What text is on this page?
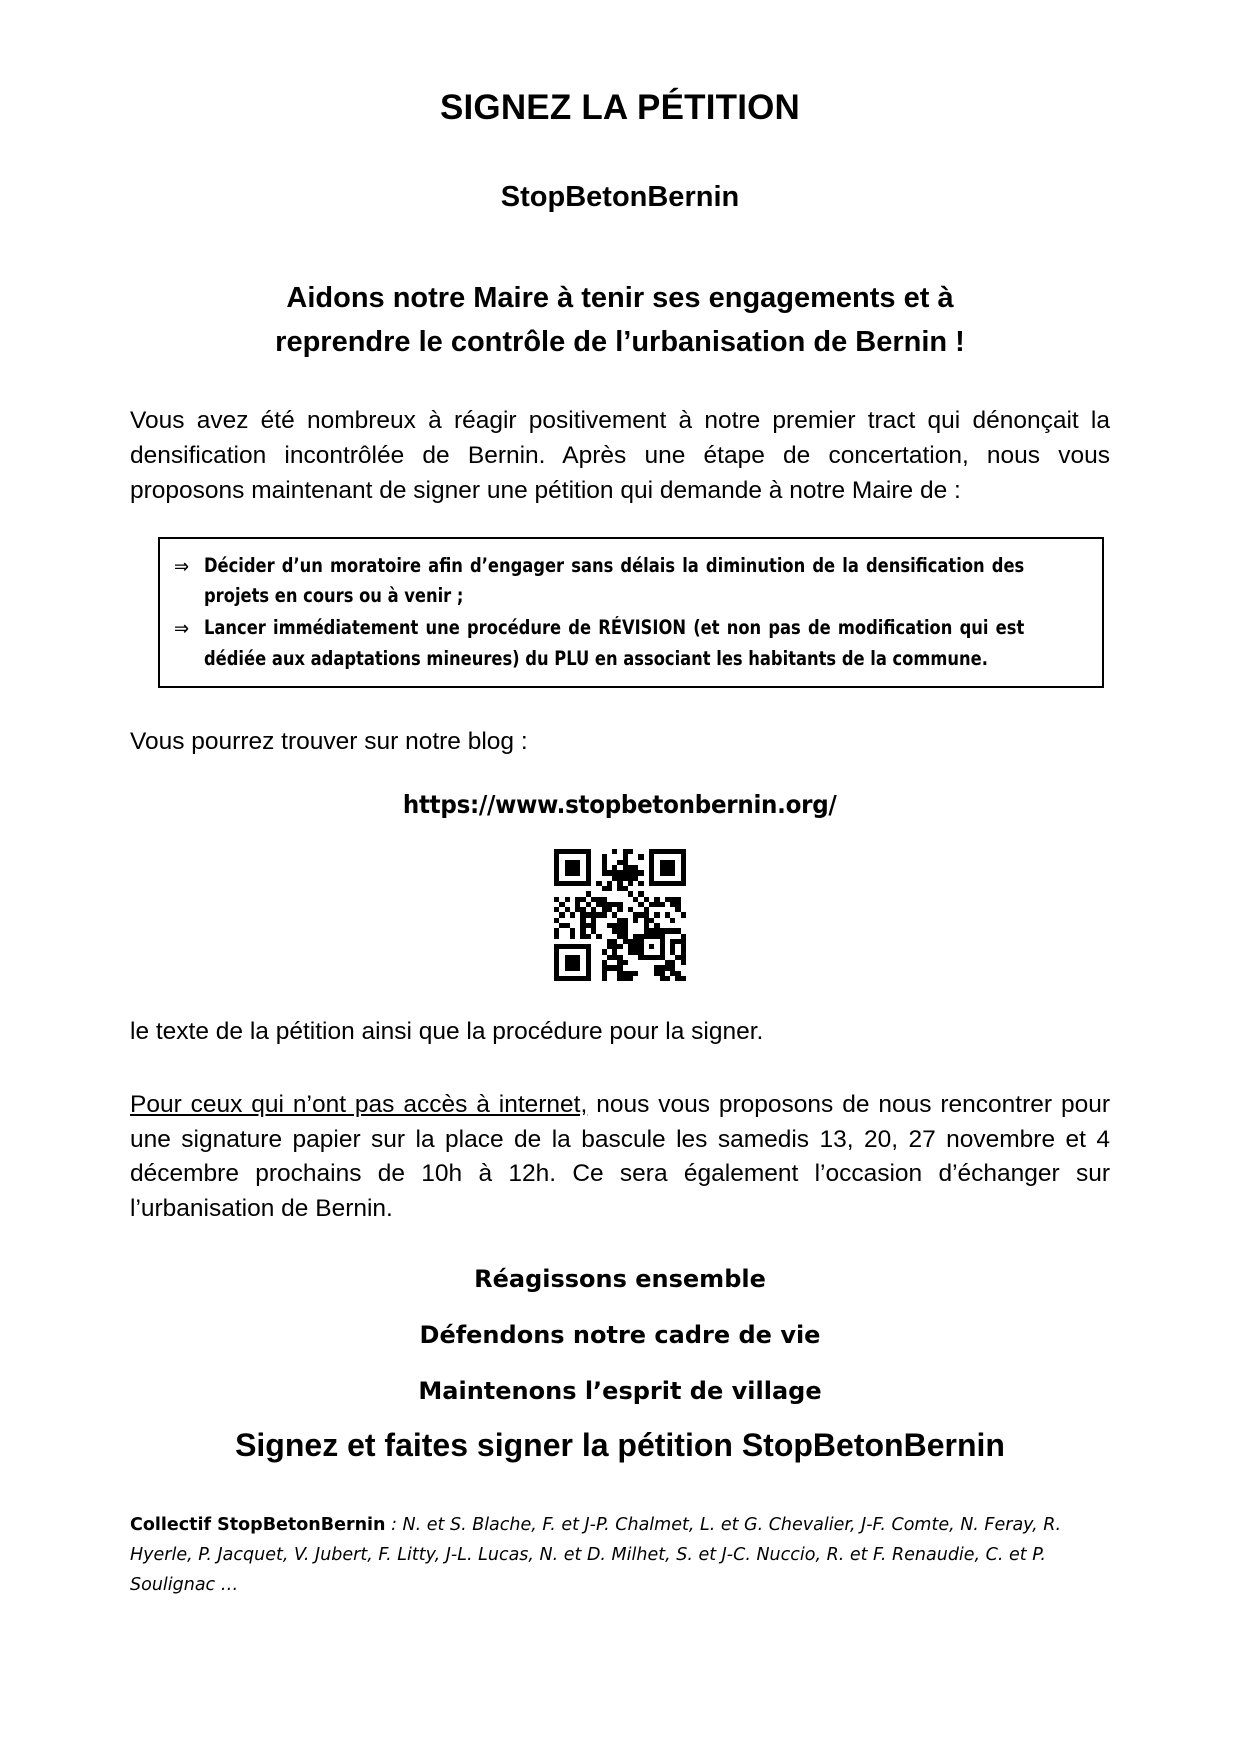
SIGNEZ LA PÉTITION
StopBetonBernin
Aidons notre Maire à tenir ses engagements et à
reprendre le contrôle de l’urbanisation de Bernin !

Vous avez été nombreux à réagir positivement à notre premier tract qui dénonçait la densification incontrôlée de Bernin. Après une étape de concertation, nous vous proposons maintenant de signer une pétition qui demande à notre Maire de :

⇒ Décider d’un moratoire afin d’engager sans délais la diminution de la densification des projets en cours ou à venir ;
⇒ Lancer immédiatement une procédure de RÉVISION (et non pas de modification qui est dédiée aux adaptations mineures) du PLU en associant les habitants de la commune.

Vous pourrez trouver sur notre blog :

https://www.stopbetonbernin.org/

le texte de la pétition ainsi que la procédure pour la signer.

Pour ceux qui n’ont pas accès à internet, nous vous proposons de nous rencontrer pour une signature papier sur la place de la bascule les samedis 13, 20, 27 novembre et 4 décembre prochains de 10h à 12h. Ce sera également l’occasion d’échanger sur l’urbanisation de Bernin.

Réagissons ensemble

Défendons notre cadre de vie

Maintenons l’esprit de village

Signez et faites signer la pétition StopBetonBernin

Collectif StopBetonBernin : N. et S. Blache, F. et J-P. Chalmet, L. et G. Chevalier, J-F. Comte, N. Feray, R. Hyerle, P. Jacquet, V. Jubert, F. Litty, J-L. Lucas, N. et D. Milhet, S. et J-C. Nuccio, R. et F. Renaudie, C. et P. Soulignac …
